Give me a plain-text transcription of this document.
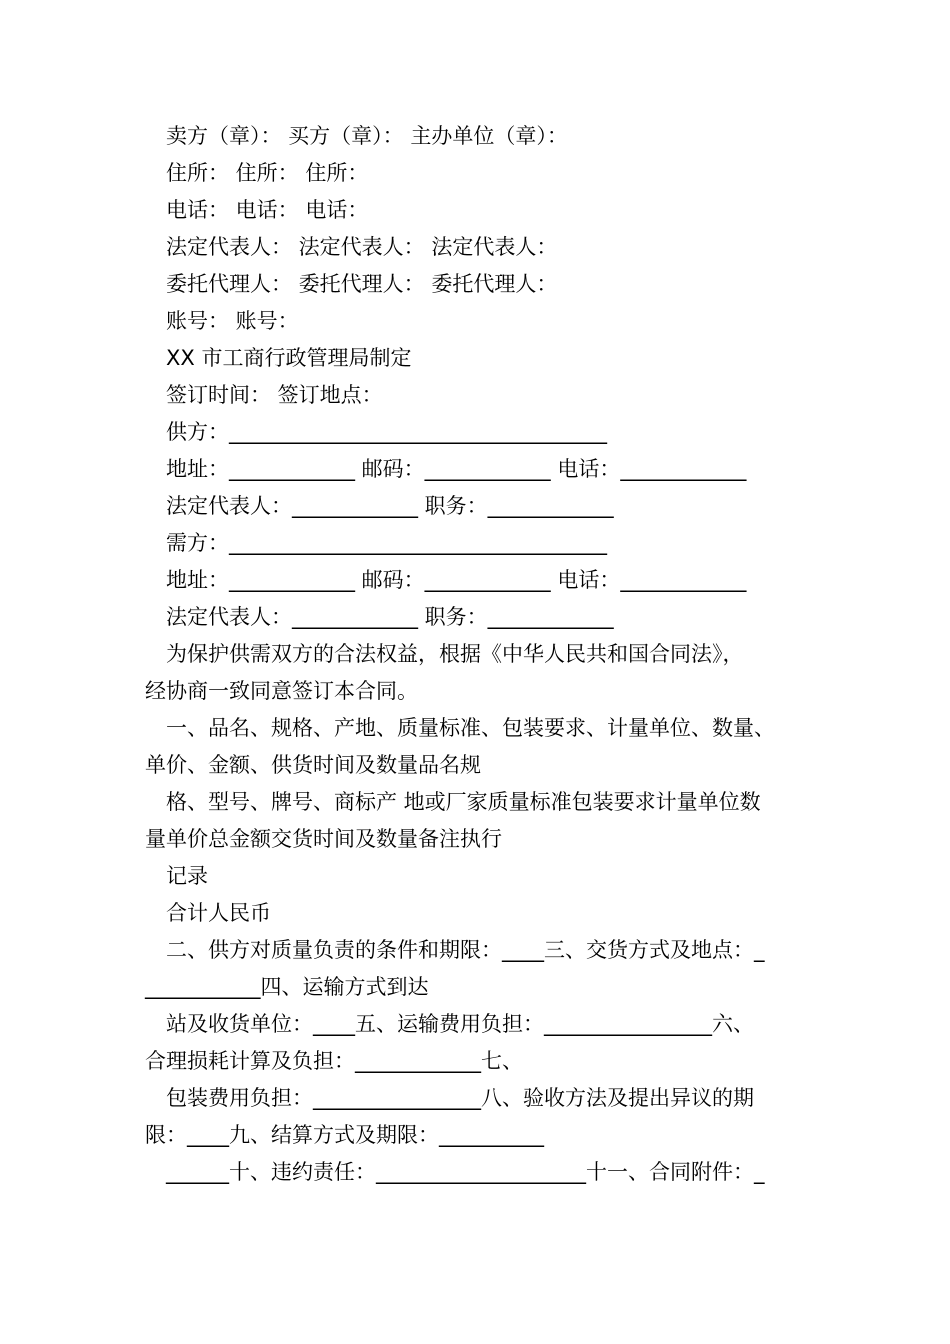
卖方（章）： 买方（章）： 主办单位（章）：
住所： 住所： 住所：
电话： 电话： 电话：
法定代表人： 法定代表人： 法定代表人：
委托代理人： 委托代理人： 委托代理人：
账号： 账号：
XX 市工商行政管理局制定
签订时间： 签订地点：
供方：____________________________________
地址：____________ 邮码：____________ 电话：____________
法定代表人：____________ 职务：____________
需方：____________________________________
地址：____________ 邮码：____________ 电话：____________
法定代表人：____________ 职务：____________
为保护供需双方的合法权益，根据《中华人民共和国合同法》，
经协商一致同意签订本合同。
一、品名、规格、产地、质量标准、包装要求、计量单位、数量、
单价、金额、供货时间及数量品名规
格、型号、牌号、商标产 地或厂家质量标准包装要求计量单位数
量单价总金额交货时间及数量备注执行
记录
合计人民币
二、供方对质量负责的条件和期限：____三、交货方式及地点：_
___________四、运输方式到达
站及收货单位：____五、运输费用负担：________________六、
合理损耗计算及负担：____________七、
包装费用负担：________________八、验收方法及提出异议的期
限：____九、结算方式及期限：__________
______十、违约责任：____________________十一、合同附件：_
